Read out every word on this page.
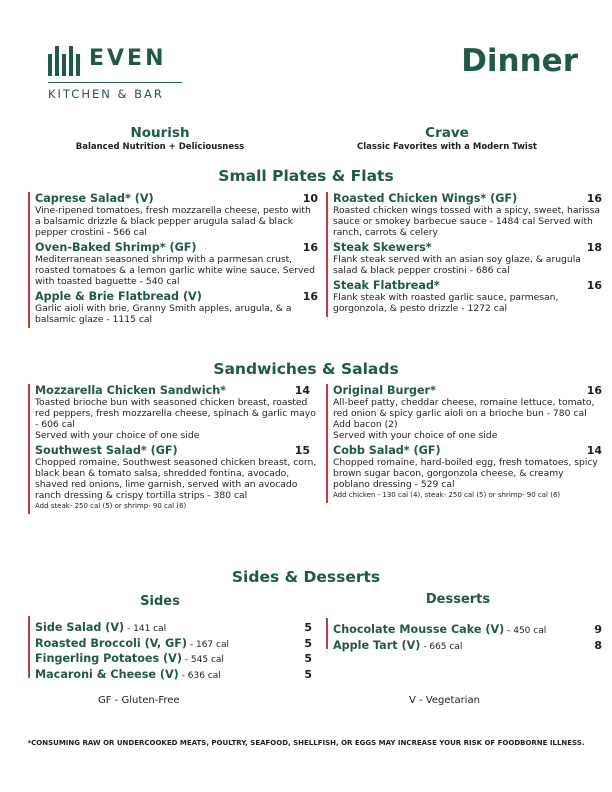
EVEN
KITCHEN & BAR
Dinner
Nourish
Balanced Nutrition + Deliciousness
Crave
Classic Favorites with a Modern Twist
Small Plates & Flats
Caprese Salad* (V)	10
Vine-ripened tomatoes, fresh mozzarella cheese, pesto with a balsamic drizzle & black pepper arugula salad & black pepper crostini - 566 cal
Oven-Baked Shrimp* (GF)	16
Mediterranean seasoned shrimp with a parmesan crust, roasted tomatoes & a lemon garlic white wine sauce. Served with toasted baguette - 540 cal
Apple & Brie Flatbread (V)	16
Garlic aioli with brie, Granny Smith apples, arugula, & a balsamic glaze - 1115 cal
Roasted Chicken Wings* (GF)	16
Roasted chicken wings tossed with a spicy, sweet, harissa sauce or smokey barbecue sauce - 1484 cal Served with ranch, carrots & celery
Steak Skewers*	18
Flank steak served with an asian soy glaze, & arugula salad & black pepper crostini - 686 cal
Steak Flatbread*	16
Flank steak with roasted garlic sauce, parmesan, gorgonzola, & pesto drizzle - 1272 cal
Sandwiches & Salads
Mozzarella Chicken Sandwich*	14
Toasted brioche bun with seasoned chicken breast, roasted red peppers, fresh mozzarella cheese, spinach & garlic mayo - 606 cal
Served with your choice of one side
Southwest Salad* (GF)	15
Chopped romaine, Southwest seasoned chicken breast, corn, black bean & tomato salsa, shredded fontina, avocado, shaved red onions, lime garnish, served with an avocado ranch dressing & crispy tortilla strips - 380 cal
Add steak- 250 cal (5) or shrimp- 90 cal (6)
Original Burger*	16
All-beef patty, cheddar cheese, romaine lettuce, tomato, red onion & spicy garlic aioli on a brioche bun - 780 cal
Add bacon (2)
Served with your choice of one side
Cobb Salad* (GF)	14
Chopped romaine, hard-boiled egg, fresh tomatoes, spicy brown sugar bacon, gorgonzola cheese, & creamy poblano dressing - 529 cal
Add chicken - 130 cal (4), steak- 250 cal (5) or shrimp- 90 cal (6)
Sides & Desserts
Sides	Desserts
Side Salad (V) - 141 cal	5
Roasted Broccoli (V, GF) - 167 cal	5
Fingerling Potatoes (V) - 545 cal	5
Macaroni & Cheese (V) - 636 cal	5
Chocolate Mousse Cake (V) - 450 cal	9
Apple Tart (V) - 665 cal	8
GF - Gluten-Free	V - Vegetarian
*CONSUMING RAW OR UNDERCOOKED MEATS, POULTRY, SEAFOOD, SHELLFISH, OR EGGS MAY INCREASE YOUR RISK OF FOODBORNE ILLNESS.
